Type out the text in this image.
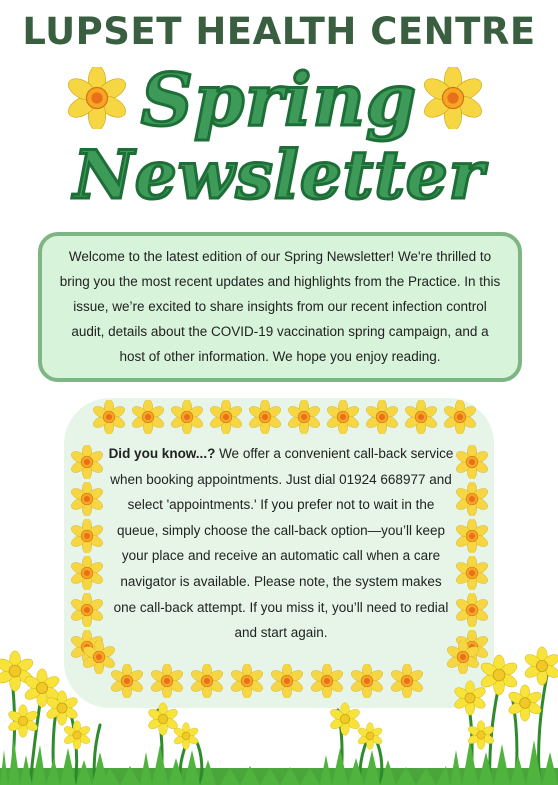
LUPSET HEALTH CENTRE
Spring
Newsletter

Welcome to the latest edition of our Spring Newsletter! We're thrilled to bring you the most recent updates and highlights from the Practice. In this issue, we’re excited to share insights from our recent infection control audit, details about the COVID-19 vaccination spring campaign, and a host of other information. We hope you enjoy reading.

Did you know...? We offer a convenient call-back service when booking appointments. Just dial 01924 668977 and select 'appointments.' If you prefer not to wait in the queue, simply choose the call-back option—you’ll keep your place and receive an automatic call when a care navigator is available. Please note, the system makes one call-back attempt. If you miss it, you’ll need to redial and start again.
